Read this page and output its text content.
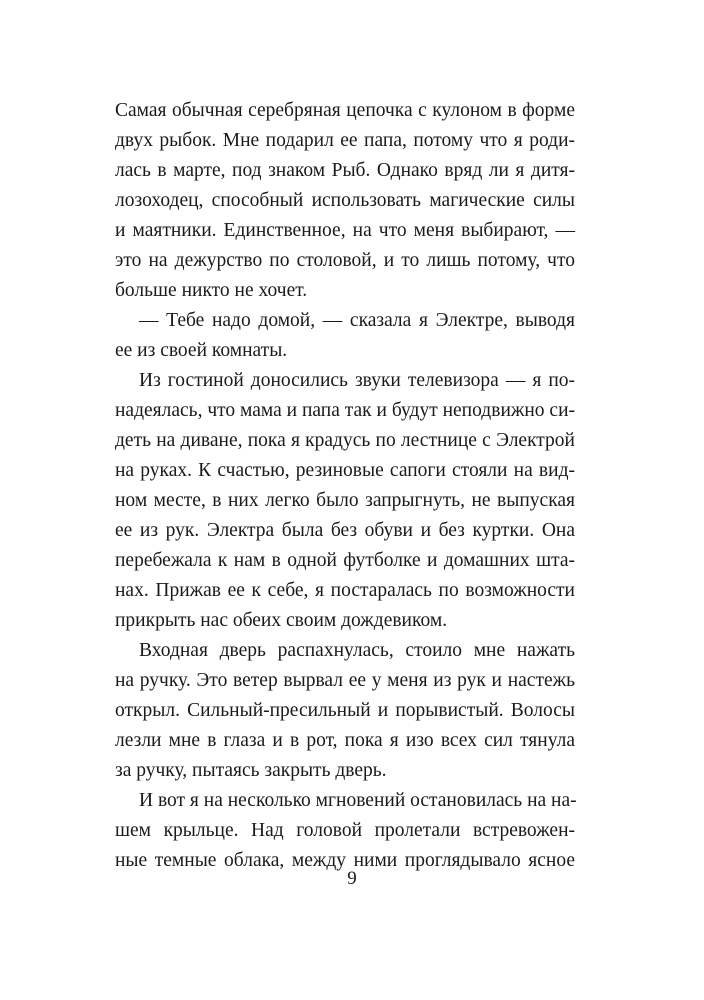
Самая обычная серебряная цепочка с кулоном в форме
двух рыбок. Мне подарил ее папа, потому что я роди-
лась в марте, под знаком Рыб. Однако вряд ли я дитя-
лозоходец, способный использовать магические силы
и маятники. Единственное, на что меня выбирают, —
это на дежурство по столовой, и то лишь потому, что
больше никто не хочет.
— Тебе надо домой, — сказала я Электре, выводя
ее из своей комнаты.
Из гостиной доносились звуки телевизора — я по-
надеялась, что мама и папа так и будут неподвижно си-
деть на диване, пока я крадусь по лестнице с Электрой
на руках. К счастью, резиновые сапоги стояли на вид-
ном месте, в них легко было запрыгнуть, не выпуская
ее из рук. Электра была без обуви и без куртки. Она
перебежала к нам в одной футболке и домашних шта-
нах. Прижав ее к себе, я постаралась по возможности
прикрыть нас обеих своим дождевиком.
Входная дверь распахнулась, стоило мне нажать
на ручку. Это ветер вырвал ее у меня из рук и настежь
открыл. Сильный-пресильный и порывистый. Волосы
лезли мне в глаза и в рот, пока я изо всех сил тянула
за ручку, пытаясь закрыть дверь.
И вот я на несколько мгновений остановилась на на-
шем крыльце. Над головой пролетали встревожен-
ные темные облака, между ними проглядывало ясное
9
